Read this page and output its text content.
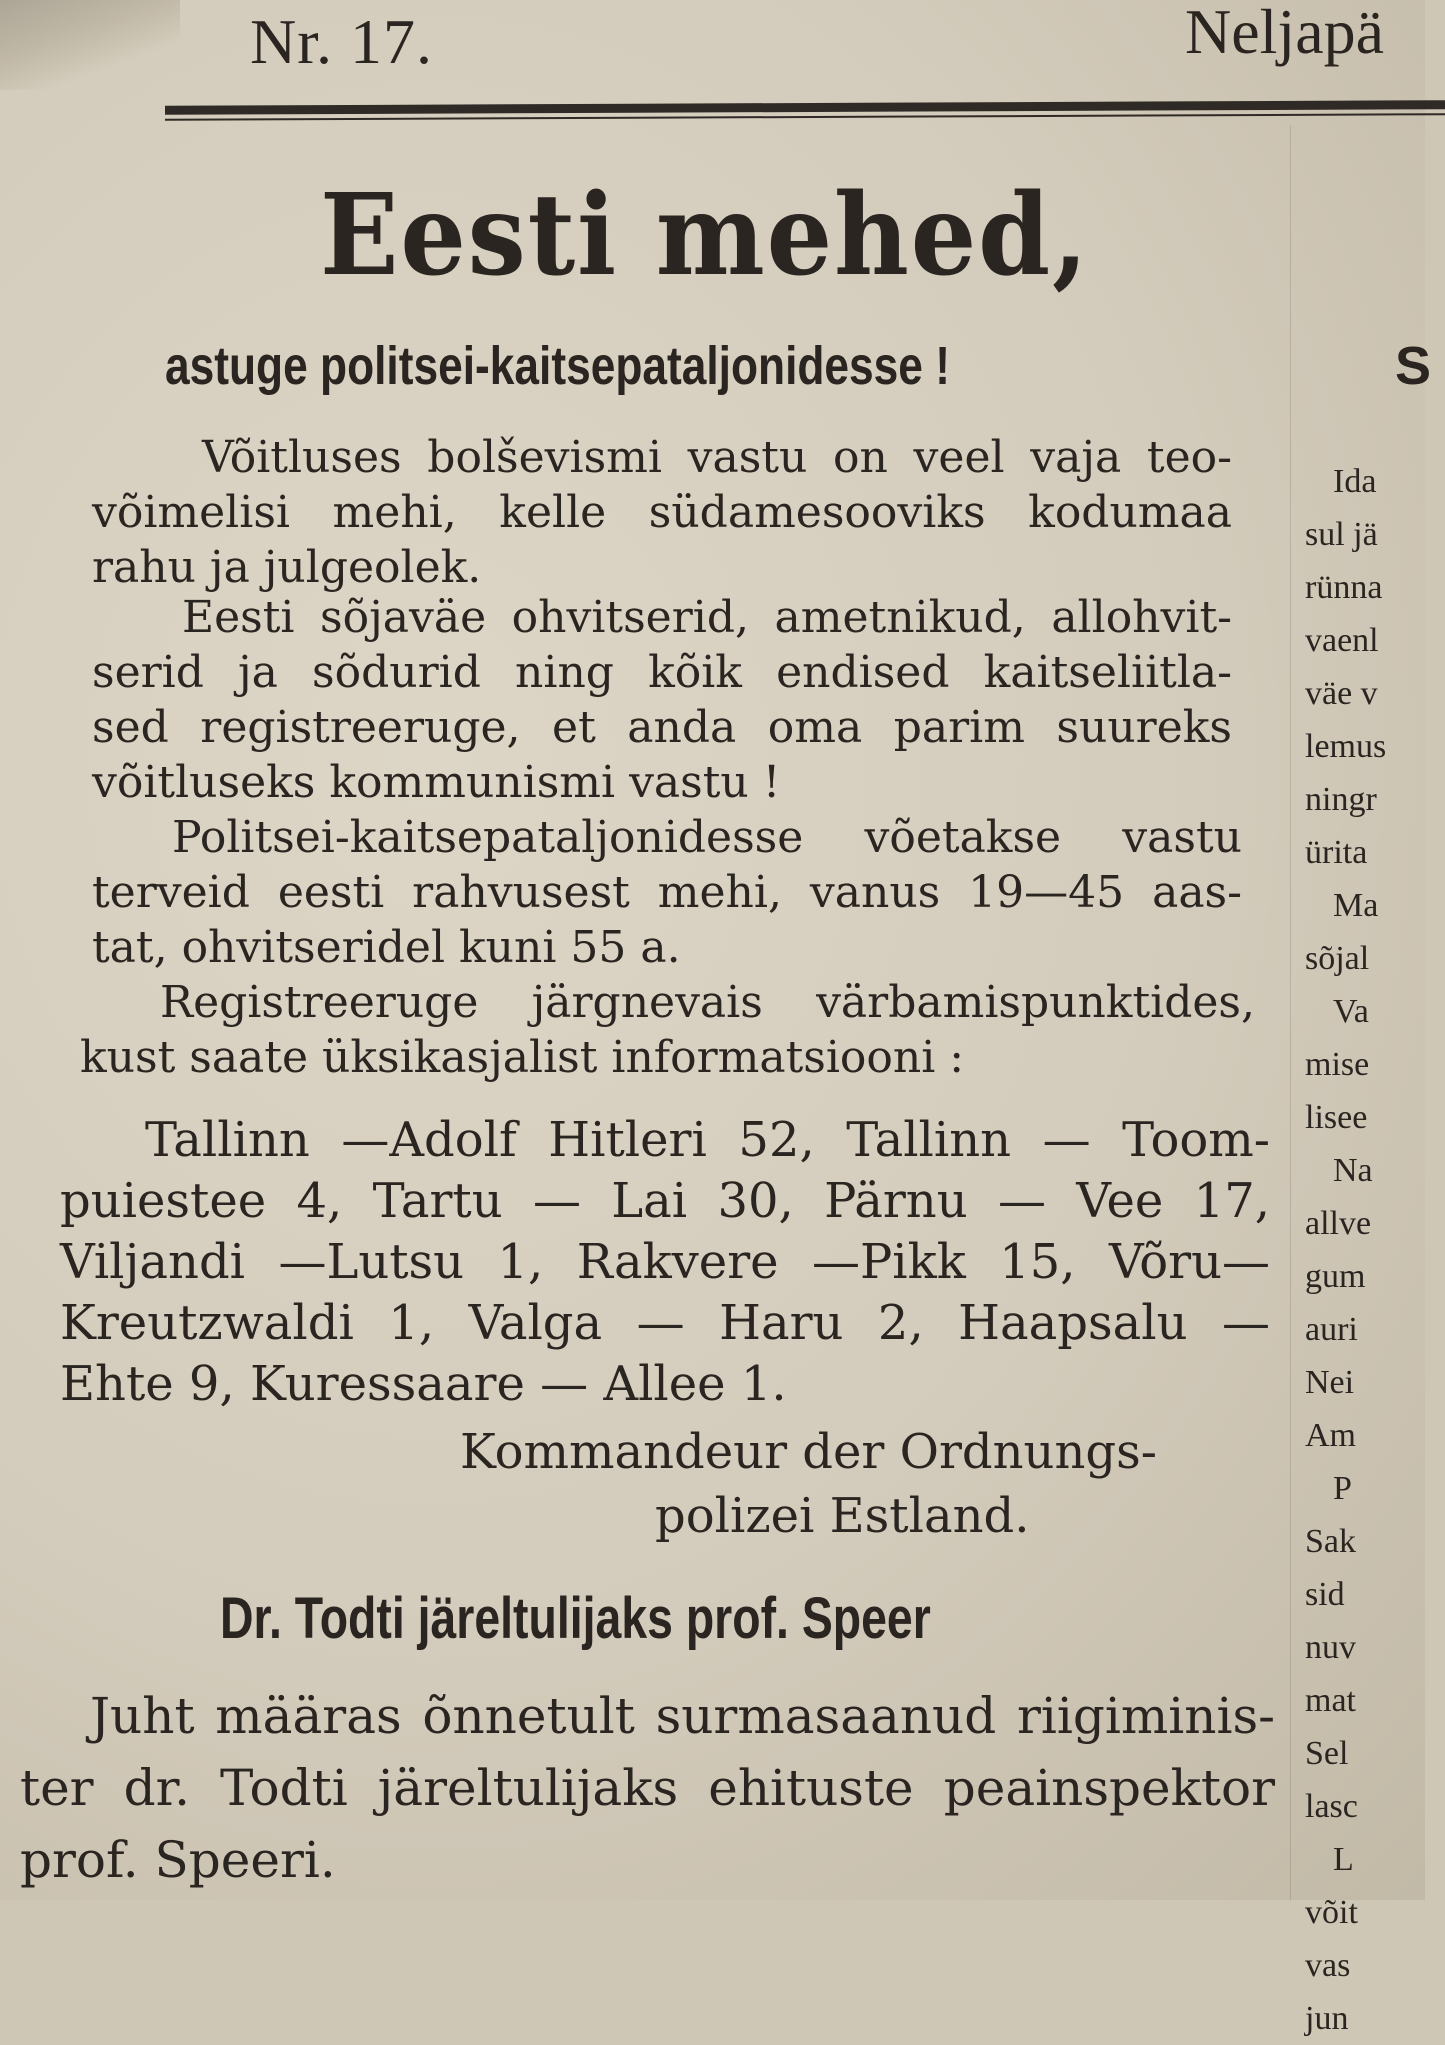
Nr. 17.	Neljapä
Eesti mehed,
astuge politsei-kaitsepataljonidesse !
Võitluses bolševismi vastu on veel vaja teo-
võimelisi mehi, kelle südamesooviks kodumaa
rahu ja julgeolek.
Eesti sõjaväe ohvitserid, ametnikud, allohvit-
serid ja sõdurid ning kõik endised kaitseliitla-
sed registreeruge, et anda oma parim suureks
võitluseks kommunismi vastu !
Politsei-kaitsepataljonidesse võetakse vastu
terveid eesti rahvusest mehi, vanus 19—45 aas-
tat, ohvitseridel kuni 55 a.
Registreeruge järgnevais värbamispunktides,
kust saate üksikasjalist informatsiooni :
Tallinn —Adolf Hitleri 52, Tallinn — Toom-
puiestee 4, Tartu — Lai 30, Pärnu — Vee 17,
Viljandi —Lutsu 1, Rakvere —Pikk 15, Võru—
Kreutzwaldi 1, Valga — Haru 2, Haapsalu —
Ehte 9, Kuressaare — Allee 1.
Kommandeur der Ordnungs-
polizei Estland.
Dr. Todti järeltulijaks prof. Speer
Juht määras õnnetult surmasaanud riigiminis-
ter dr. Todti järeltulijaks ehituste peainspektor
prof. Speeri.
S
Ida
sul jä
rünna
vaenl
väe v
lemus
ningr
ürita
Ma
sõjal
Va
mise
lisee
Na
allve
gum
auri
Nei
Am
P
Sak
sid
nuv
mat
Sel
lasc
L
võit
vas
jun
